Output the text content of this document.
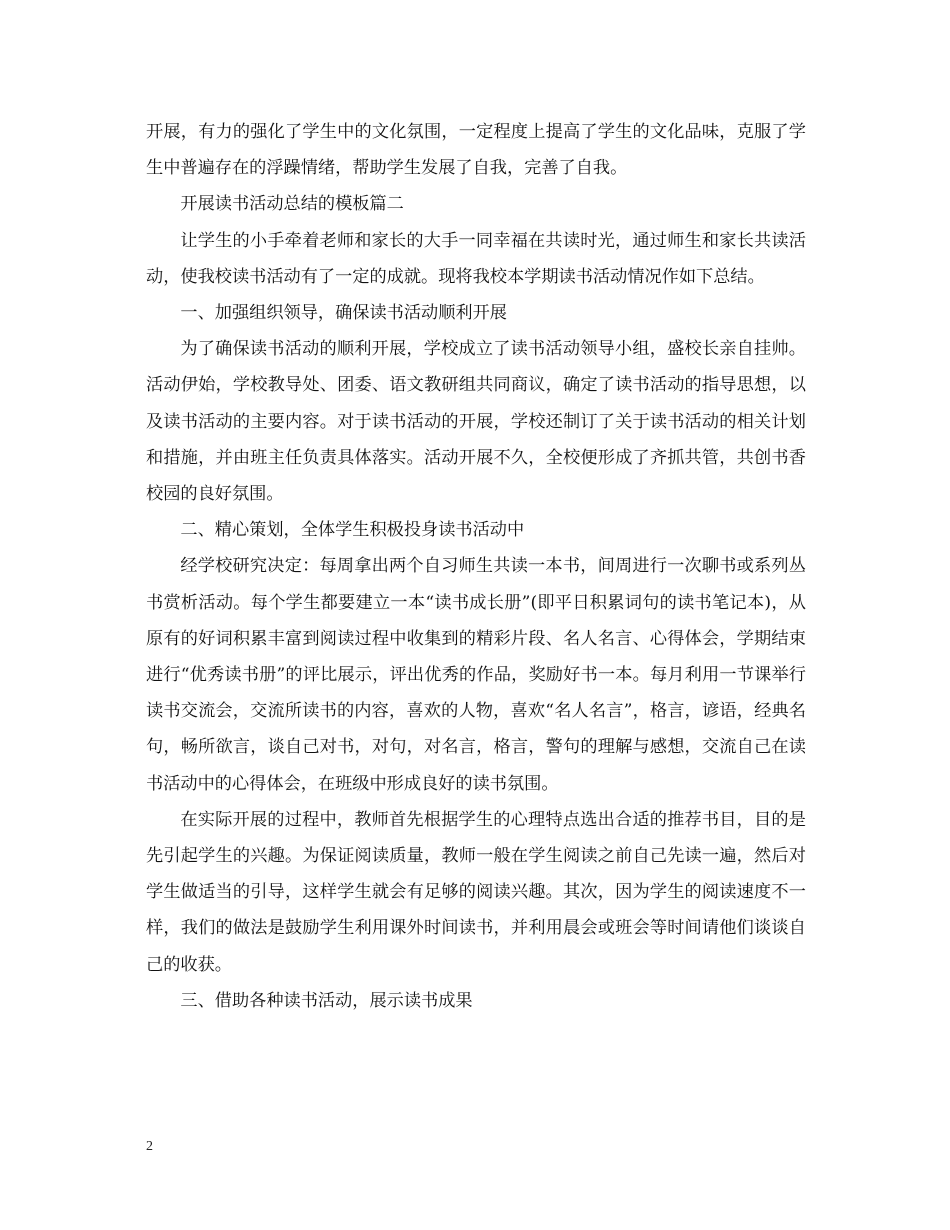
开展，有力的强化了学生中的文化氛围，一定程度上提高了学生的文化品味，克服了学生中普遍存在的浮躁情绪，帮助学生发展了自我，完善了自我。

开展读书活动总结的模板篇二

让学生的小手牵着老师和家长的大手一同幸福在共读时光，通过师生和家长共读活动，使我校读书活动有了一定的成就。现将我校本学期读书活动情况作如下总结。

一、加强组织领导，确保读书活动顺利开展

为了确保读书活动的顺利开展，学校成立了读书活动领导小组，盛校长亲自挂帅。活动伊始，学校教导处、团委、语文教研组共同商议，确定了读书活动的指导思想，以及读书活动的主要内容。对于读书活动的开展，学校还制订了关于读书活动的相关计划和措施，并由班主任负责具体落实。活动开展不久，全校便形成了齐抓共管，共创书香校园的良好氛围。

二、精心策划，全体学生积极投身读书活动中

经学校研究决定：每周拿出两个自习师生共读一本书，间周进行一次聊书或系列丛书赏析活动。每个学生都要建立一本“读书成长册”(即平日积累词句的读书笔记本)，从原有的好词积累丰富到阅读过程中收集到的精彩片段、名人名言、心得体会，学期结束进行“优秀读书册”的评比展示，评出优秀的作品，奖励好书一本。每月利用一节课举行读书交流会，交流所读书的内容，喜欢的人物，喜欢“名人名言”，格言，谚语，经典名句，畅所欲言，谈自己对书，对句，对名言，格言，警句的理解与感想，交流自己在读书活动中的心得体会，在班级中形成良好的读书氛围。

在实际开展的过程中，教师首先根据学生的心理特点选出合适的推荐书目，目的是先引起学生的兴趣。为保证阅读质量，教师一般在学生阅读之前自己先读一遍，然后对学生做适当的引导，这样学生就会有足够的阅读兴趣。其次，因为学生的阅读速度不一样，我们的做法是鼓励学生利用课外时间读书，并利用晨会或班会等时间请他们谈谈自己的收获。

三、借助各种读书活动，展示读书成果

2
